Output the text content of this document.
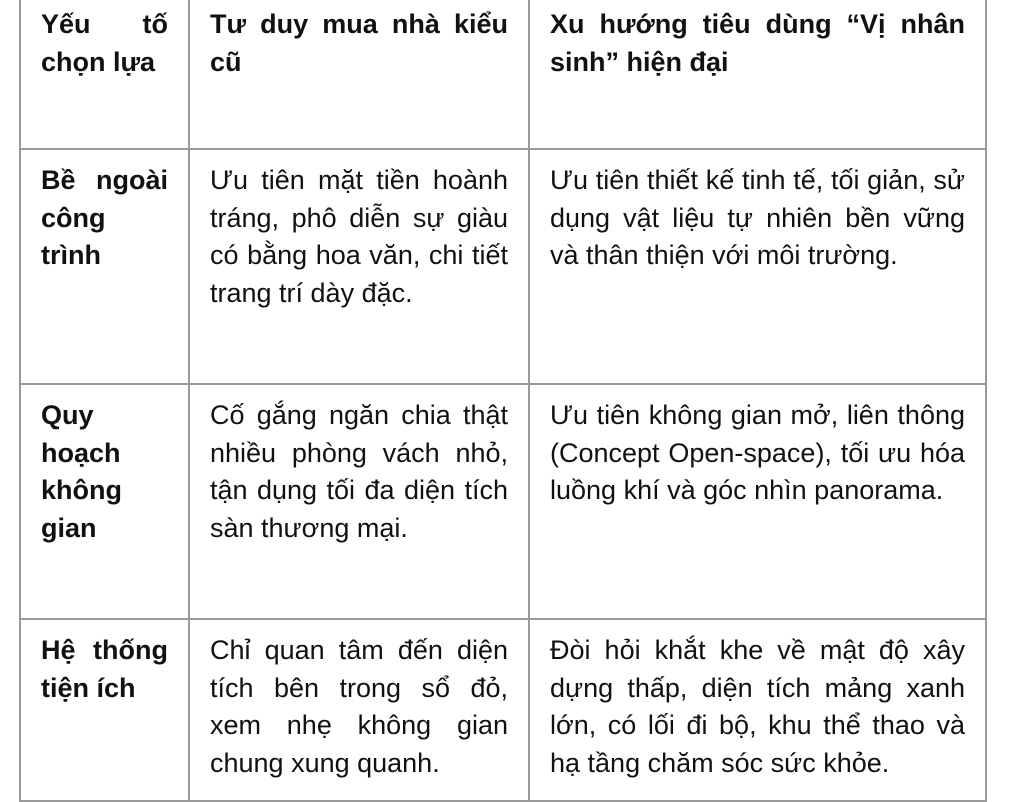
Yếu tố chọn lựa	Tư duy mua nhà kiểu cũ	Xu hướng tiêu dùng “Vị nhân sinh” hiện đại
Bề ngoài công trình	Ưu tiên mặt tiền hoành tráng, phô diễn sự giàu có bằng hoa văn, chi tiết trang trí dày đặc.	Ưu tiên thiết kế tinh tế, tối giản, sử dụng vật liệu tự nhiên bền vững và thân thiện với môi trường.
Quy hoạch không gian	Cố gắng ngăn chia thật nhiều phòng vách nhỏ, tận dụng tối đa diện tích sàn thương mại.	Ưu tiên không gian mở, liên thông (Concept Open-space), tối ưu hóa luồng khí và góc nhìn panorama.
Hệ thống tiện ích	Chỉ quan tâm đến diện tích bên trong sổ đỏ, xem nhẹ không gian chung xung quanh.	Đòi hỏi khắt khe về mật độ xây dựng thấp, diện tích mảng xanh lớn, có lối đi bộ, khu thể thao và hạ tầng chăm sóc sức khỏe.
